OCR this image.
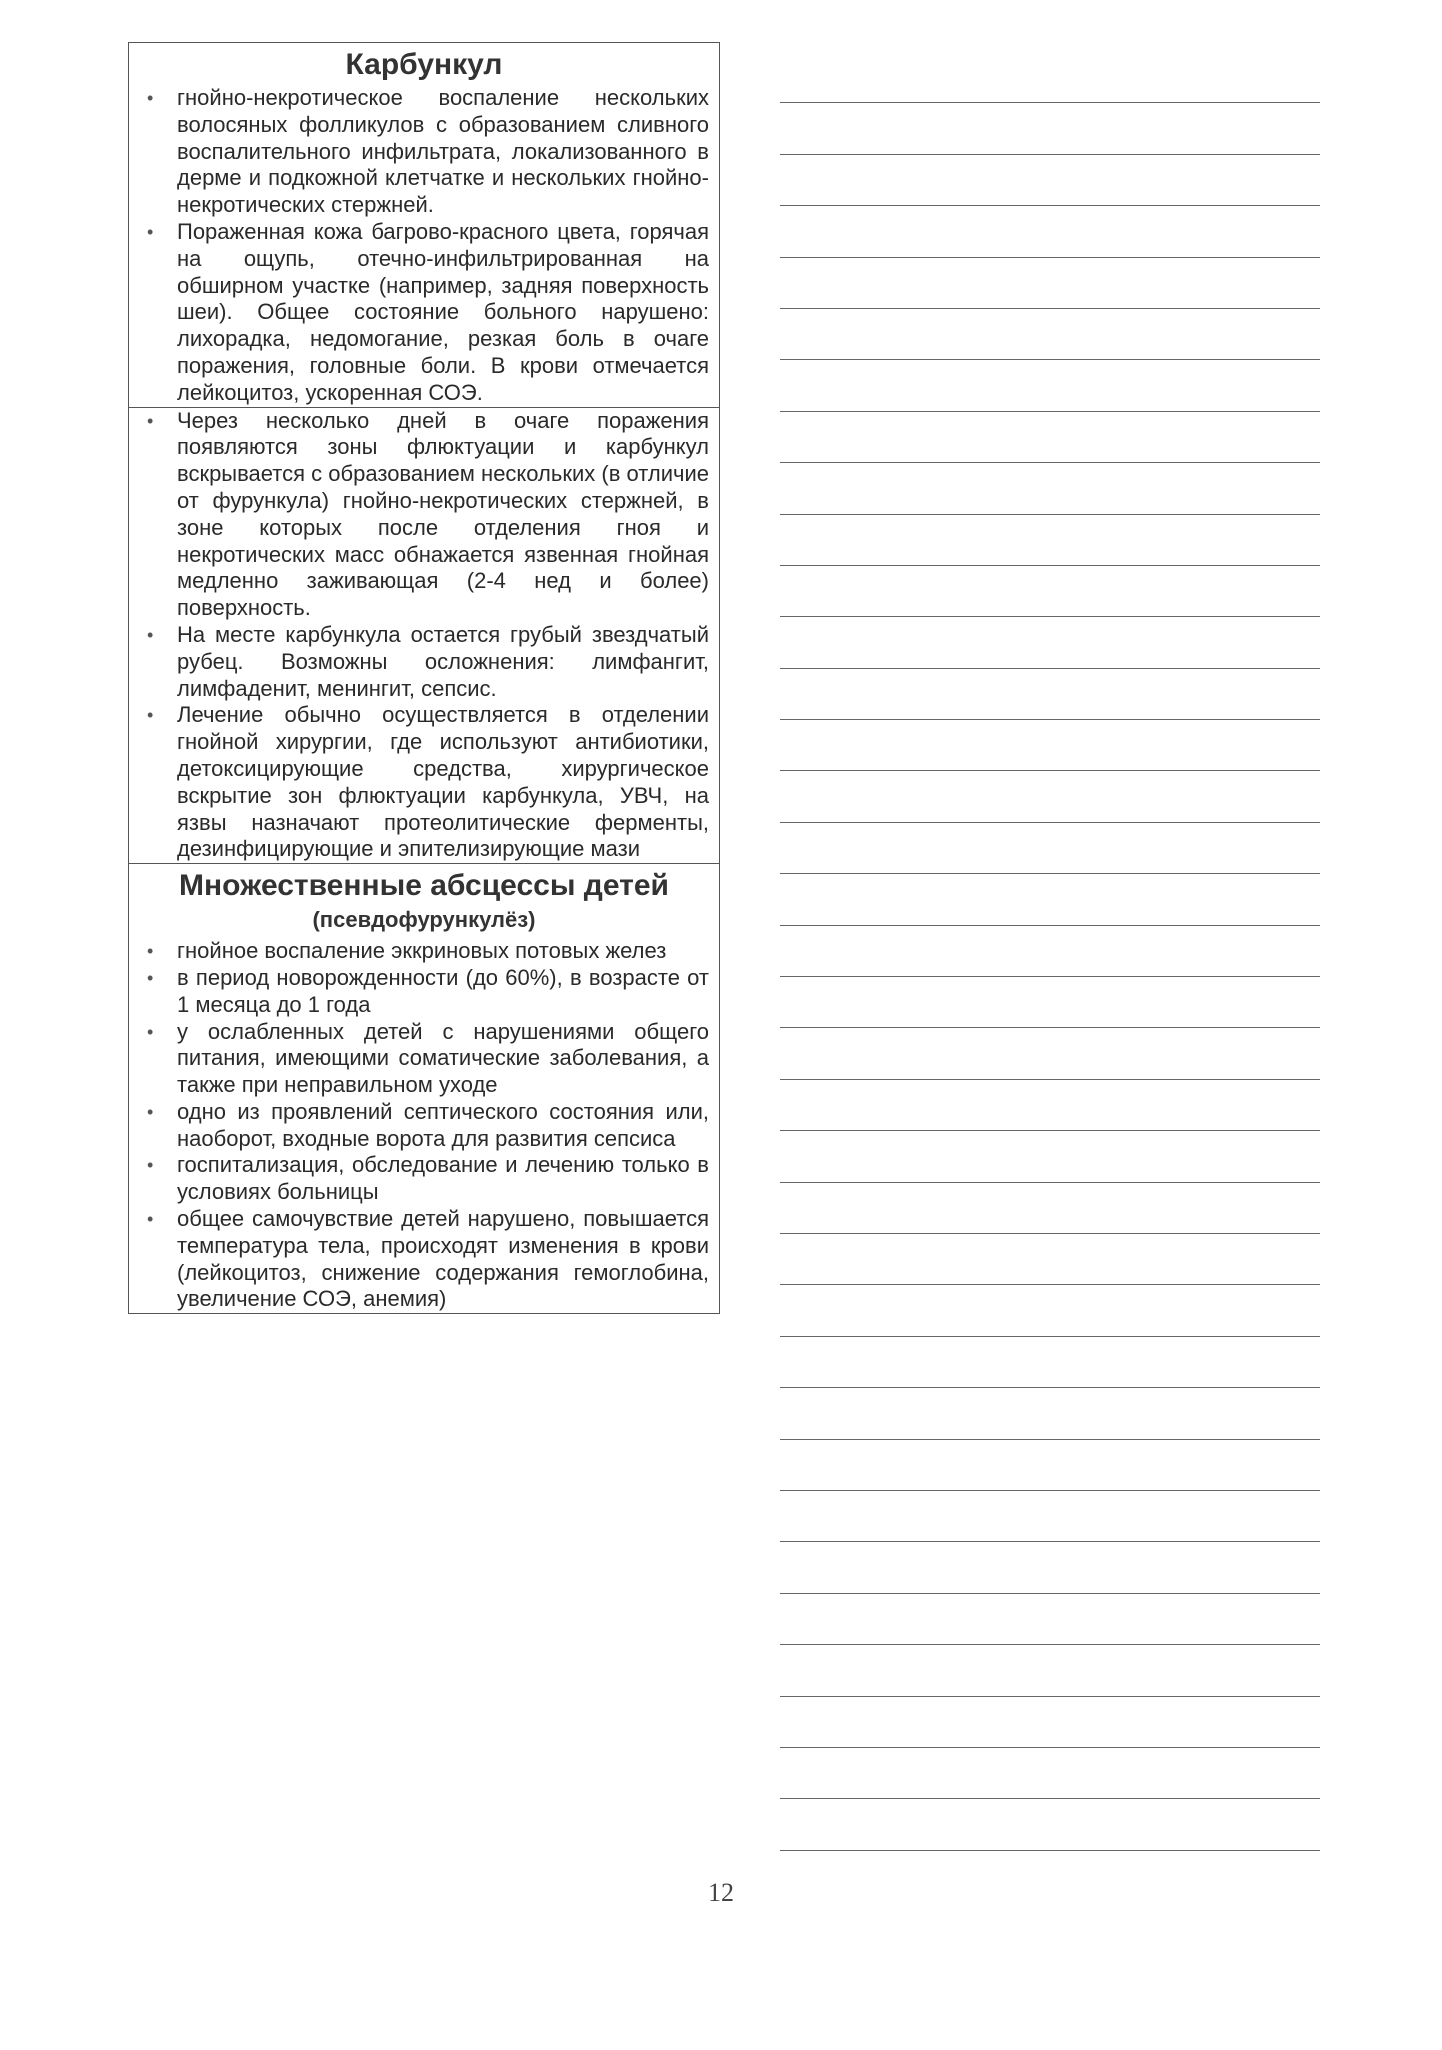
Карбункул
• гнойно-некротическое воспаление нескольких волосяных фолликулов с образованием сливного воспалительного инфильтрата, локализованного в дерме и подкожной клетчатке и нескольких гнойно-некротических стержней.
• Пораженная кожа багрово-красного цвета, горячая на ощупь, отечно-инфильтрированная на обширном участке (например, задняя поверхность шеи). Общее состояние больного нарушено: лихорадка, недомогание, резкая боль в очаге поражения, головные боли. В крови отмечается лейкоцитоз, ускоренная СОЭ.
• Через несколько дней в очаге поражения появляются зоны флюктуации и карбункул вскрывается с образованием нескольких (в отличие от фурункула) гнойно-некротических стержней, в зоне которых после отделения гноя и некротических масс обнажается язвенная гнойная медленно заживающая (2-4 нед и более) поверхность.
• На месте карбункула остается грубый звездчатый рубец. Возможны осложнения: лимфангит, лимфаденит, менингит, сепсис.
• Лечение обычно осуществляется в отделении гнойной хирургии, где используют антибиотики, детоксицирующие средства, хирургическое вскрытие зон флюктуации карбункула, УВЧ, на язвы назначают протеолитические ферменты, дезинфицирующие и эпителизирующие мази
Множественные абсцессы детей
(псевдофурункулёз)
• гнойное воспаление эккриновых потовых желез
• в период новорожденности (до 60%), в возрасте от 1 месяца до 1 года
• у ослабленных детей с нарушениями общего питания, имеющими соматические заболевания, а также при неправильном уходе
• одно из проявлений септического состояния или, наоборот, входные ворота для развития сепсиса
• госпитализация, обследование и лечению только в условиях больницы
• общее самочувствие детей нарушено, повышается температура тела, происходят изменения в крови (лейкоцитоз, снижение содержания гемоглобина, увеличение СОЭ, анемия)
12
